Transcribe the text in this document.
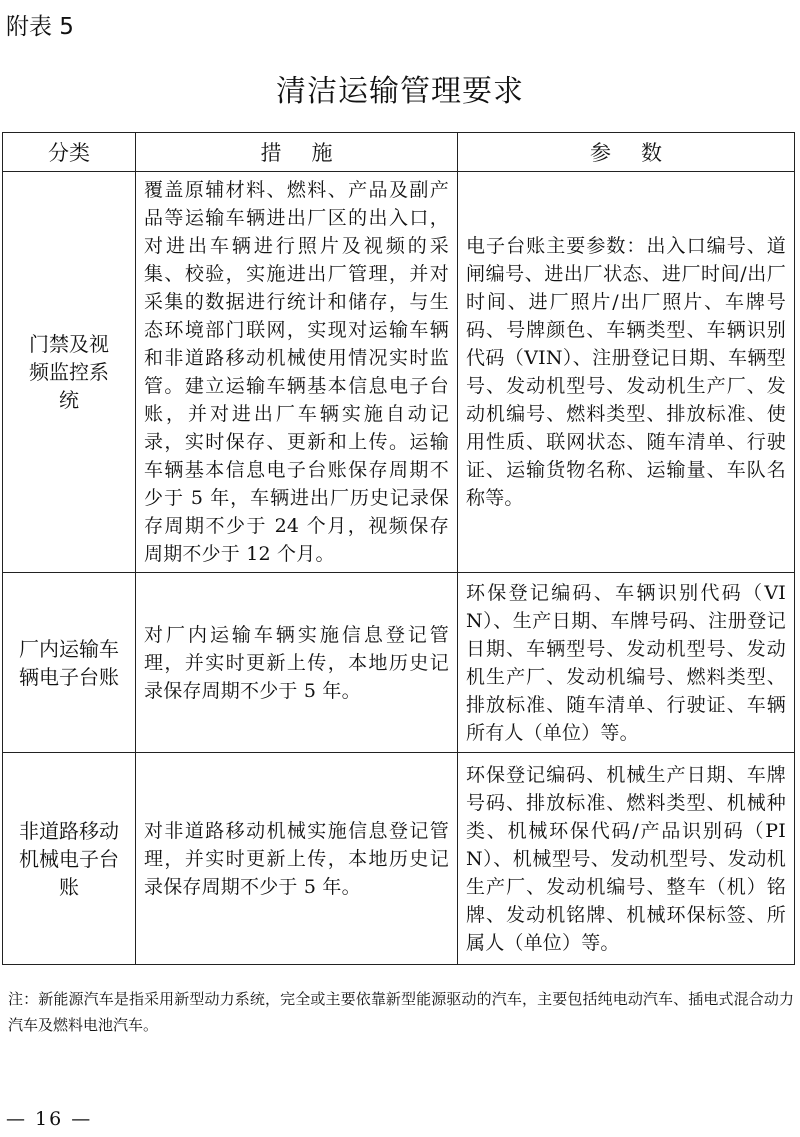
附表 5
清洁运输管理要求
分类	措施	参数
门禁及视频监控系统	覆盖原辅材料、燃料、产品及副产品等运输车辆进出厂区的出入口，对进出车辆进行照片及视频的采集、校验，实施进出厂管理，并对采集的数据进行统计和储存，与生态环境部门联网，实现对运输车辆和非道路移动机械使用情况实时监管。建立运输车辆基本信息电子台账，并对进出厂车辆实施自动记录，实时保存、更新和上传。运输车辆基本信息电子台账保存周期不少于 5 年，车辆进出厂历史记录保存周期不少于 24 个月，视频保存周期不少于 12 个月。	电子台账主要参数：出入口编号、道闸编号、进出厂状态、进厂时间/出厂时间、进厂照片/出厂照片、车牌号码、号牌颜色、车辆类型、车辆识别代码（VIN）、注册登记日期、车辆型号、发动机型号、发动机生产厂、发动机编号、燃料类型、排放标准、使用性质、联网状态、随车清单、行驶证、运输货物名称、运输量、车队名称等。
厂内运输车辆电子台账	对厂内运输车辆实施信息登记管理，并实时更新上传，本地历史记录保存周期不少于 5 年。	环保登记编码、车辆识别代码（VIN）、生产日期、车牌号码、注册登记日期、车辆型号、发动机型号、发动机生产厂、发动机编号、燃料类型、排放标准、随车清单、行驶证、车辆所有人（单位）等。
非道路移动机械电子台账	对非道路移动机械实施信息登记管理，并实时更新上传，本地历史记录保存周期不少于 5 年。	环保登记编码、机械生产日期、车牌号码、排放标准、燃料类型、机械种类、机械环保代码/产品识别码（PIN）、机械型号、发动机型号、发动机生产厂、发动机编号、整车（机）铭牌、发动机铭牌、机械环保标签、所属人（单位）等。
注：新能源汽车是指采用新型动力系统，完全或主要依靠新型能源驱动的汽车，主要包括纯电动汽车、插电式混合动力汽车及燃料电池汽车。
— 16 —
